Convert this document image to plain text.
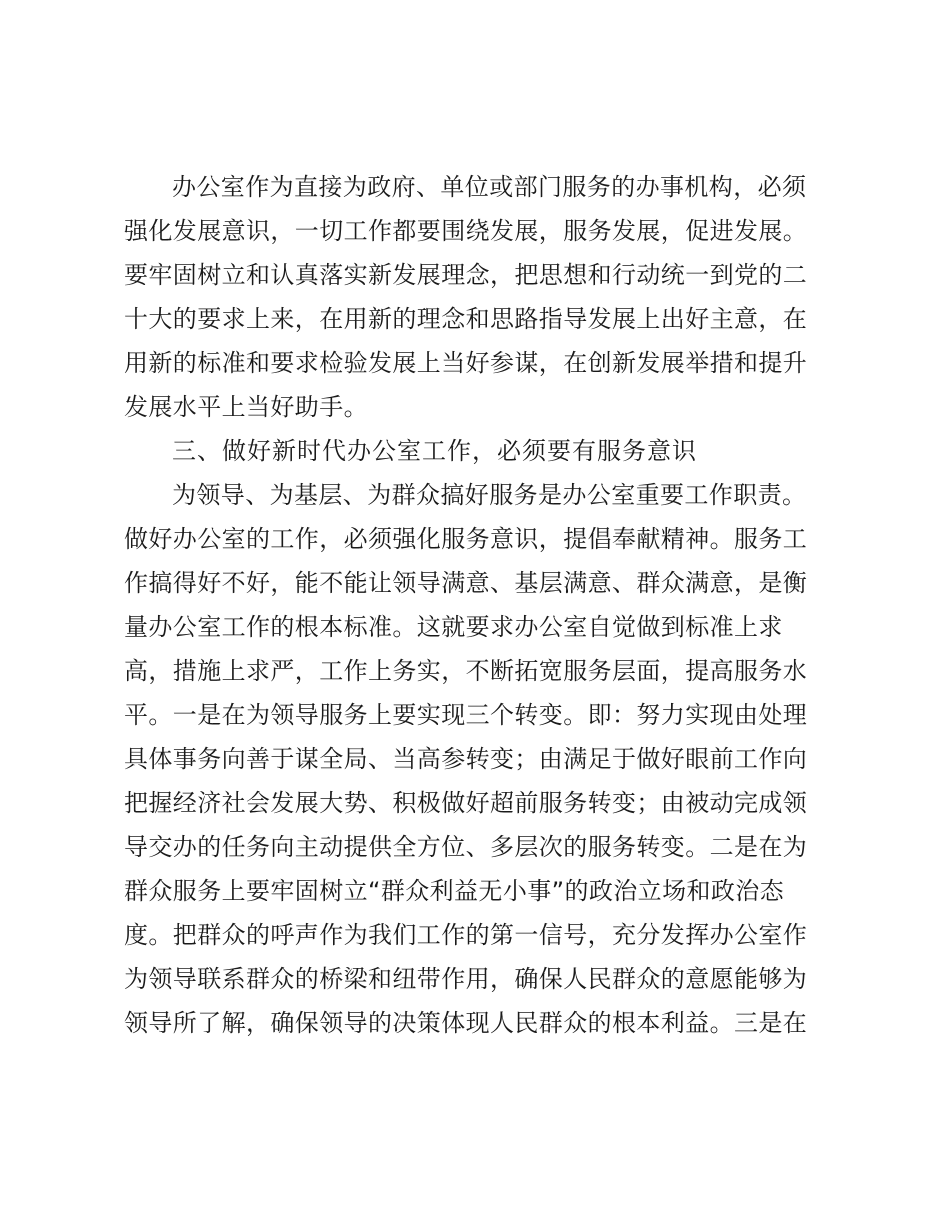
办公室作为直接为政府、单位或部门服务的办事机构，必须
强化发展意识，一切工作都要围绕发展，服务发展，促进发展。
要牢固树立和认真落实新发展理念，把思想和行动统一到党的二
十大的要求上来，在用新的理念和思路指导发展上出好主意，在
用新的标准和要求检验发展上当好参谋，在创新发展举措和提升
发展水平上当好助手。
三、做好新时代办公室工作，必须要有服务意识
为领导、为基层、为群众搞好服务是办公室重要工作职责。
做好办公室的工作，必须强化服务意识，提倡奉献精神。服务工
作搞得好不好，能不能让领导满意、基层满意、群众满意，是衡
量办公室工作的根本标准。这就要求办公室自觉做到标准上求
高，措施上求严，工作上务实，不断拓宽服务层面，提高服务水
平。一是在为领导服务上要实现三个转变。即：努力实现由处理
具体事务向善于谋全局、当高参转变；由满足于做好眼前工作向
把握经济社会发展大势、积极做好超前服务转变；由被动完成领
导交办的任务向主动提供全方位、多层次的服务转变。二是在为
群众服务上要牢固树立“群众利益无小事”的政治立场和政治态
度。把群众的呼声作为我们工作的第一信号，充分发挥办公室作
为领导联系群众的桥梁和纽带作用，确保人民群众的意愿能够为
领导所了解，确保领导的决策体现人民群众的根本利益。三是在
